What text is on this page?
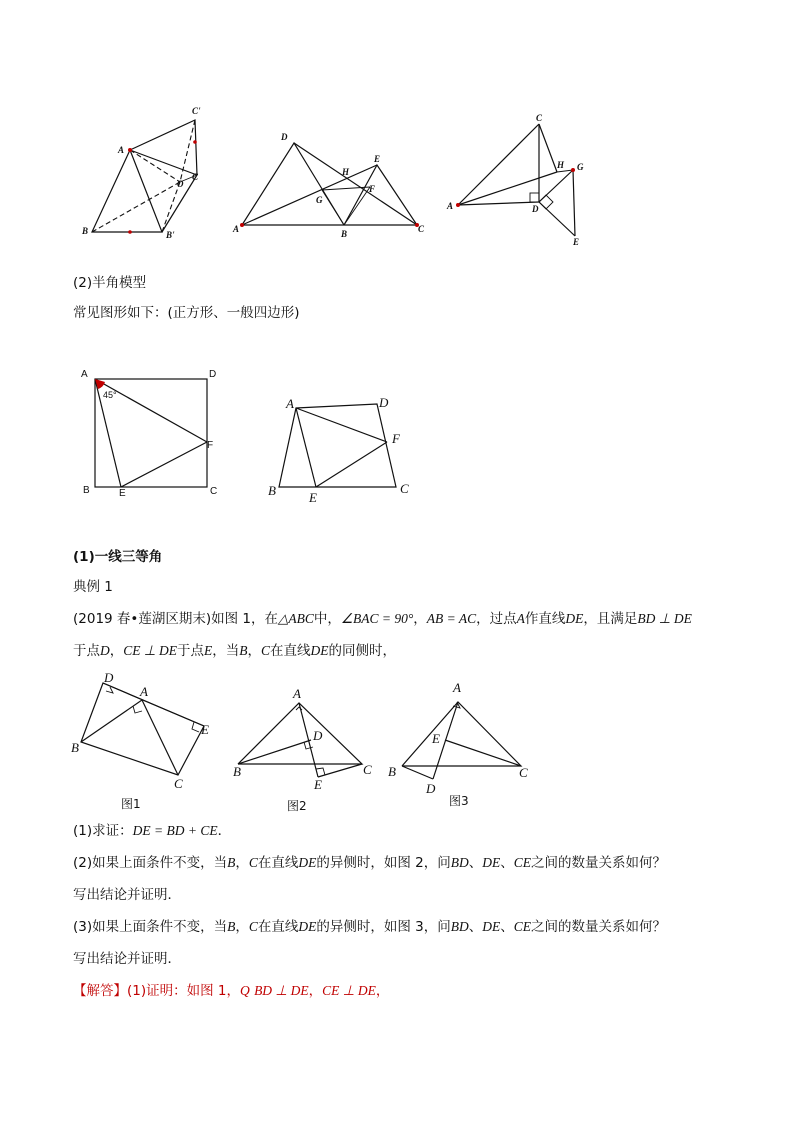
A
B	B'
C
C'
O
D
A	B	C
E
G
H
F
C
A
H G
D
E
(2)半角模型
常见图形如下：(正方形、一般四边形)
A	D
B	E	C
F
45°
A	D
F
B	E
C
(1)一线三等角
典例 1
(2019 春•莲湖区期末)如图 1，在△ABC中，∠BAC = 90°，AB = AC，过点A作直线DE，且满足BD ⊥ DE
于点D，CE ⊥ DE于点E，当B，C在直线DE的同侧时，
D
A
E
B
C
图1
A
D
B
E
C
图2
A
E
B
D
C
图3
(1)求证：DE = BD + CE．
(2)如果上面条件不变，当B，C在直线DE的异侧时，如图 2，问BD、DE、CE之间的数量关系如何？
写出结论并证明．
(3)如果上面条件不变，当B，C在直线DE的异侧时，如图 3，问BD、DE、CE之间的数量关系如何？
写出结论并证明．
【解答】(1)证明：如图 1，Q BD ⊥ DE，CE ⊥ DE，
